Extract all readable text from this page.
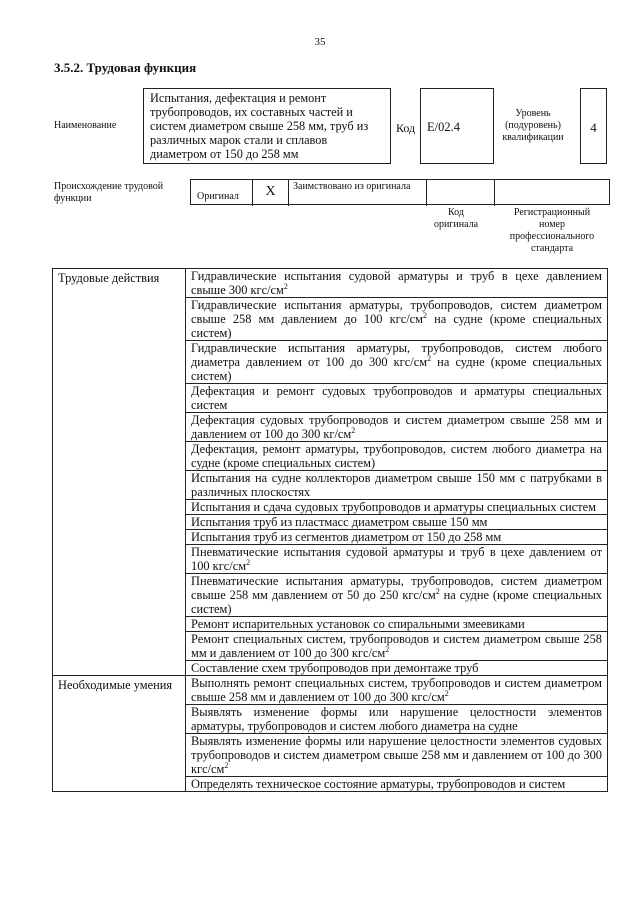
35
3.5.2. Трудовая функция
Наименование
Испытания, дефектация и ремонт трубопроводов, их составных частей и систем диаметром свыше 258 мм, труб из различных марок стали и сплавов диаметром от 150 до 258 мм
Код E/02.4
Уровень (подуровень) квалификации
4
Происхождение трудовой функции	Оригинал	X	Заимствовано из оригинала
Код оригинала
Регистрационный номер профессионального стандарта
Трудовые действия	Гидравлические испытания судовой арматуры и труб в цехе давлением свыше 300 кгс/$см^2$
	Гидравлические испытания арматуры, трубопроводов, систем диаметром свыше 258 мм давлением до 100 кгс/$см^2$ на судне (кроме специальных систем)
	Гидравлические испытания арматуры, трубопроводов, систем любого диаметра давлением от 100 до 300 кгс/$см^2$ на судне (кроме специальных систем)
	Дефектация и ремонт судовых трубопроводов и арматуры специальных систем
	Дефектация судовых трубопроводов и систем диаметром свыше 258 мм и давлением от 100 до 300 $кг/см^2$
	Дефектация, ремонт арматуры, трубопроводов, систем любого диаметра на судне (кроме специальных систем)
	Испытания на судне коллекторов диаметром свыше 150 мм с патрубками в различных плоскостях
	Испытания и сдача судовых трубопроводов и арматуры специальных систем
	Испытания труб из пластмасс диаметром свыше 150 мм
	Испытания труб из сегментов диаметром от 150 до 258 мм
	Пневматические испытания судовой арматуры и труб в цехе давлением от 100 кгс/$см^2$
	Пневматические испытания арматуры, трубопроводов, систем диаметром свыше 258 мм давлением от 50 до 250 кгс/$см^2$ на судне (кроме специальных систем)
	Ремонт испарительных установок со спиральными змеевиками
	Ремонт специальных систем, трубопроводов и систем диаметром свыше 258 мм и давлением от 100 до 300 кгс/$см^2$
	Составление схем трубопроводов при демонтаже труб
Необходимые умения	Выполнять ремонт специальных систем, трубопроводов и систем диаметром свыше 258 мм и давлением от 100 до 300 кгс/$см^2$
	Выявлять изменение формы или нарушение целостности элементов арматуры, трубопроводов и систем любого диаметра на судне
	Выявлять изменение формы или нарушение целостности элементов судовых трубопроводов и систем диаметром свыше 258 мм и давлением от 100 до 300 кгс/$см^2$
	Определять техническое состояние арматуры, трубопроводов и систем
